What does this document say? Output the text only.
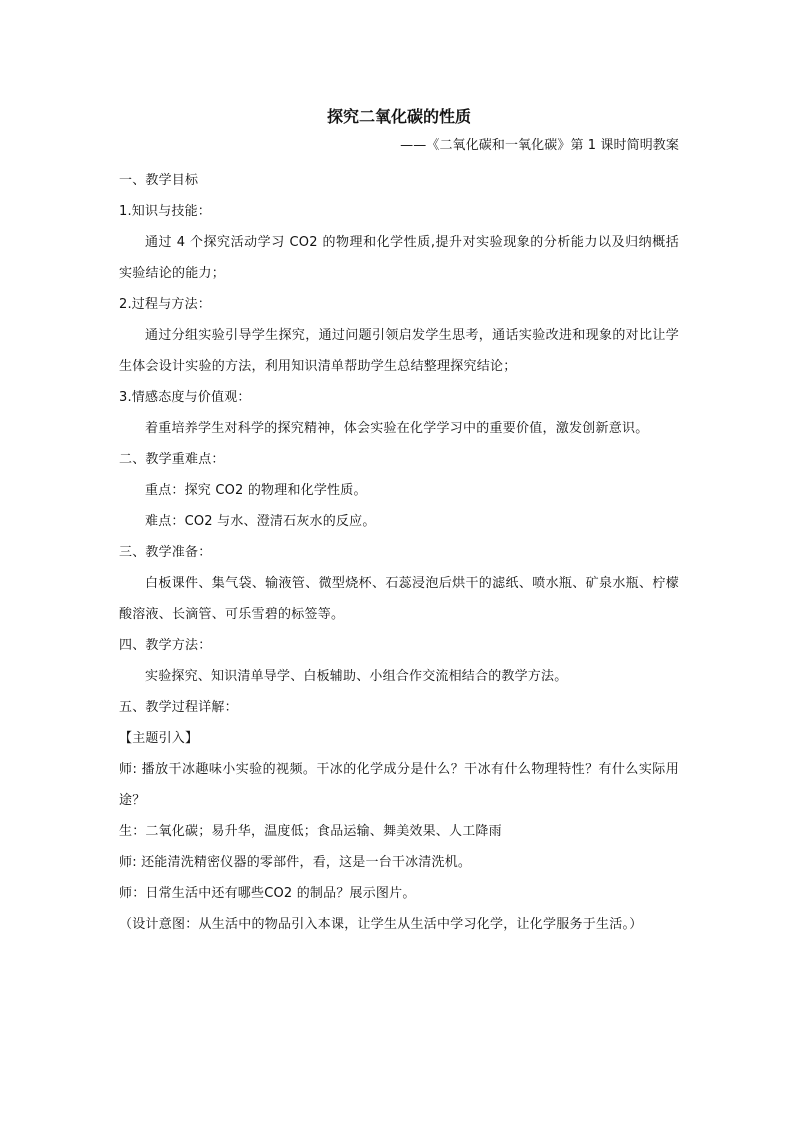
探究二氧化碳的性质
——《二氧化碳和一氧化碳》第 1 课时简明教案

一、教学目标

1.知识与技能：

通过 4 个探究活动学习 CO2 的物理和化学性质,提升对实验现象的分析能力以及归纳概括实验结论的能力；

2.过程与方法：

通过分组实验引导学生探究，通过问题引领启发学生思考，通话实验改进和现象的对比让学生体会设计实验的方法，利用知识清单帮助学生总结整理探究结论；

3.情感态度与价值观：

着重培养学生对科学的探究精神，体会实验在化学学习中的重要价值，激发创新意识。

二、教学重难点：

重点：探究 CO2 的物理和化学性质。

难点：CO2 与水、澄清石灰水的反应。

三、教学准备：

白板课件、集气袋、输液管、微型烧杯、石蕊浸泡后烘干的滤纸、喷水瓶、矿泉水瓶、柠檬酸溶液、长滴管、可乐雪碧的标签等。

四、教学方法：

实验探究、知识清单导学、白板辅助、小组合作交流相结合的教学方法。

五、教学过程详解：

【主题引入】

师: 播放干冰趣味小实验的视频。干冰的化学成分是什么？干冰有什么物理特性？有什么实际用途？

生：二氧化碳；易升华，温度低；食品运输、舞美效果、人工降雨

师: 还能清洗精密仪器的零部件，看，这是一台干冰清洗机。

师：日常生活中还有哪些CO2 的制品？展示图片。

（设计意图：从生活中的物品引入本课，让学生从生活中学习化学，让化学服务于生活。）
